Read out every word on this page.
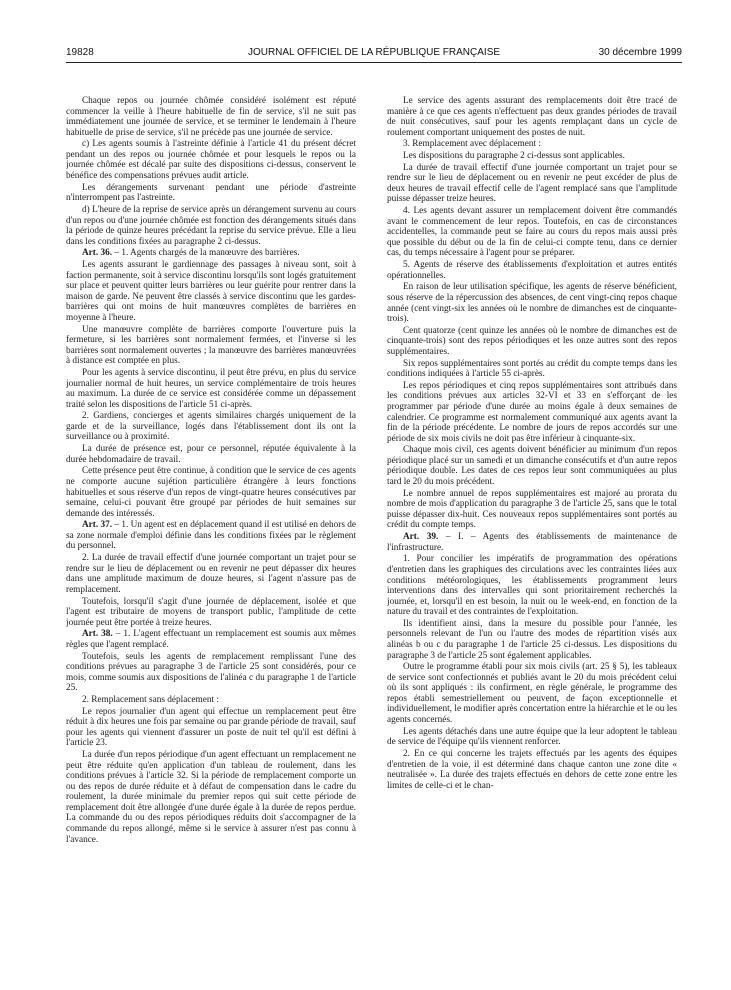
19828	JOURNAL OFFICIEL DE LA RÉPUBLIQUE FRANÇAISE	30 décembre 1999

Chaque repos ou journée chômée considéré isolément est réputé commencer la veille à l'heure habituelle de fin de service, s'il ne suit pas immédiatement une journée de service, et se terminer le lendemain à l'heure habituelle de prise de service, s'il ne précède pas une journée de service.

c) Les agents soumis à l'astreinte définie à l'article 41 du présent décret pendant un des repos ou journée chômée et pour lesquels le repos ou la journée chômée est décalé par suite des dispositions ci-dessus, conservent le bénéfice des compensations prévues audit article.

Les dérangements survenant pendant une période d'astreinte n'interrompent pas l'astreinte.

d) L'heure de la reprise de service après un dérangement survenu au cours d'un repos ou d'une journée chômée est fonction des dérangements situés dans la période de quinze heures précédant la reprise du service prévue. Elle a lieu dans les conditions fixées au paragraphe 2 ci-dessus.

Art. 36. – 1. Agents chargés de la manœuvre des barrières.

Les agents assurant le gardiennage des passages à niveau sont, soit à faction permanente, soit à service discontinu lorsqu'ils sont logés gratuitement sur place et peuvent quitter leurs barrières ou leur guérite pour rentrer dans la maison de garde. Ne peuvent être classés à service discontinu que les gardes-barrières qui ont moins de huit manœuvres complètes de barrières en moyenne à l'heure.

Une manœuvre complète de barrières comporte l'ouverture puis la fermeture, si les barrières sont normalement fermées, et l'inverse si les barrières sont normalement ouvertes ; la manœuvre des barrières manœuvrées à distance est comptée en plus.

Pour les agents à service discontinu, il peut être prévu, en plus du service journalier normal de huit heures, un service complémentaire de trois heures au maximum. La durée de ce service est considérée comme un dépassement traité selon les dispositions de l'article 51 ci-après.

2. Gardiens, concierges et agents similaires chargés uniquement de la garde et de la surveillance, logés dans l'établissement dont ils ont la surveillance ou à proximité.

La durée de présence est, pour ce personnel, réputée équivalente à la durée hebdomadaire de travail.

Cette présence peut être continue, à condition que le service de ces agents ne comporte aucune sujétion particulière étrangère à leurs fonctions habituelles et sous réserve d'un repos de vingt-quatre heures consécutives par semaine, celui-ci pouvant être groupé par périodes de huit semaines sur demande des intéressés.

Art. 37. – 1. Un agent est en déplacement quand il est utilisé en dehors de sa zone normale d'emploi définie dans les conditions fixées par le règlement du personnel.

2. La durée de travail effectif d'une journée comportant un trajet pour se rendre sur le lieu de déplacement ou en revenir ne peut dépasser dix heures dans une amplitude maximum de douze heures, si l'agent n'assure pas de remplacement.

Toutefois, lorsqu'il s'agit d'une journée de déplacement, isolée et que l'agent est tributaire de moyens de transport public, l'amplitude de cette journée peut être portée à treize heures.

Art. 38. – 1. L'agent effectuant un remplacement est soumis aux mêmes règles que l'agent remplacé.

Toutefois, seuls les agents de remplacement remplissant l'une des conditions prévues au paragraphe 3 de l'article 25 sont considérés, pour ce mois, comme soumis aux dispositions de l'alinéa c du paragraphe 1 de l'article 25.

2. Remplacement sans déplacement :

Le repos journalier d'un agent qui effectue un remplacement peut être réduit à dix heures une fois par semaine ou par grande période de travail, sauf pour les agents qui viennent d'assurer un poste de nuit tel qu'il est défini à l'article 23.

La durée d'un repos périodique d'un agent effectuant un remplacement ne peut être réduite qu'en application d'un tableau de roulement, dans les conditions prévues à l'article 32. Si la période de remplacement comporte un ou des repos de durée réduite et à défaut de compensation dans le cadre du roulement, la durée minimale du premier repos qui suit cette période de remplacement doit être allongée d'une durée égale à la durée de repos perdue. La commande du ou des repos périodiques réduits doit s'accompagner de la commande du repos allongé, même si le service à assurer n'est pas connu à l'avance.

Le service des agents assurant des remplacements doit être tracé de manière à ce que ces agents n'effectuent pas deux grandes périodes de travail de nuit consécutives, sauf pour les agents remplaçant dans un cycle de roulement comportant uniquement des postes de nuit.

3. Remplacement avec déplacement :

Les dispositions du paragraphe 2 ci-dessus sont applicables.

La durée de travail effectif d'une journée comportant un trajet pour se rendre sur le lieu de déplacement ou en revenir ne peut excéder de plus de deux heures de travail effectif celle de l'agent remplacé sans que l'amplitude puisse dépasser treize heures.

4. Les agents devant assurer un remplacement doivent être commandés avant le commencement de leur repos. Toutefois, en cas de circonstances accidentelles, la commande peut se faire au cours du repos mais aussi près que possible du début ou de la fin de celui-ci compte tenu, dans ce dernier cas, du temps nécessaire à l'agent pour se préparer.

5. Agents de réserve des établissements d'exploitation et autres entités opérationnelles.

En raison de leur utilisation spécifique, les agents de réserve bénéficient, sous réserve de la répercussion des absences, de cent vingt-cinq repos chaque année (cent vingt-six les années où le nombre de dimanches est de cinquante-trois).

Cent quatorze (cent quinze les années où le nombre de dimanches est de cinquante-trois) sont des repos périodiques et les onze autres sont des repos supplémentaires.

Six repos supplémentaires sont portés au crédit du compte temps dans les conditions indiquées à l'article 55 ci-après.

Les repos périodiques et cinq repos supplémentaires sont attribués dans les conditions prévues aux articles 32-VI et 33 en s'efforçant de les programmer par période d'une durée au moins égale à deux semaines de calendrier. Ce programme est normalement communiqué aux agents avant la fin de la période précédente. Le nombre de jours de repos accordés sur une période de six mois civils ne doit pas être inférieur à cinquante-six.

Chaque mois civil, ces agents doivent bénéficier au minimum d'un repos périodique placé sur un samedi et un dimanche consécutifs et d'un autre repos périodique double. Les dates de ces repos leur sont communiquées au plus tard le 20 du mois précédent.

Le nombre annuel de repos supplémentaires est majoré au prorata du nombre de mois d'application du paragraphe 3 de l'article 25, sans que le total puisse dépasser dix-huit. Ces nouveaux repos supplémentaires sont portés au crédit du compte temps.

Art. 39. – I. – Agents des établissements de maintenance de l'infrastructure.

1. Pour concilier les impératifs de programmation des opérations d'entretien dans les graphiques des circulations avec les contraintes liées aux conditions météorologiques, les établissements programment leurs interventions dans des intervalles qui sont prioritairement recherchés la journée, et, lorsqu'il en est besoin, la nuit ou le week-end, en fonction de la nature du travail et des contraintes de l'exploitation.

Ils identifient ainsi, dans la mesure du possible pour l'année, les personnels relevant de l'un ou l'autre des modes de répartition visés aux alinéas b ou c du paragraphe 1 de l'article 25 ci-dessus. Les dispositions du paragraphe 3 de l'article 25 sont également applicables.

Outre le programme établi pour six mois civils (art. 25 § 5), les tableaux de service sont confectionnés et publiés avant le 20 du mois précédent celui où ils sont appliqués : ils confirment, en règle générale, le programme des repos établi semestriellement ou peuvent, de façon exceptionnelle et individuellement, le modifier après concertation entre la hiérarchie et le ou les agents concernés.

Les agents détachés dans une autre équipe que la leur adoptent le tableau de service de l'équipe qu'ils viennent renforcer.

2. En ce qui concerne les trajets effectués par les agents des équipes d'entretien de la voie, il est déterminé dans chaque canton une zone dite « neutralisée ». La durée des trajets effectués en dehors de cette zone entre les limites de celle-ci et le chan-
